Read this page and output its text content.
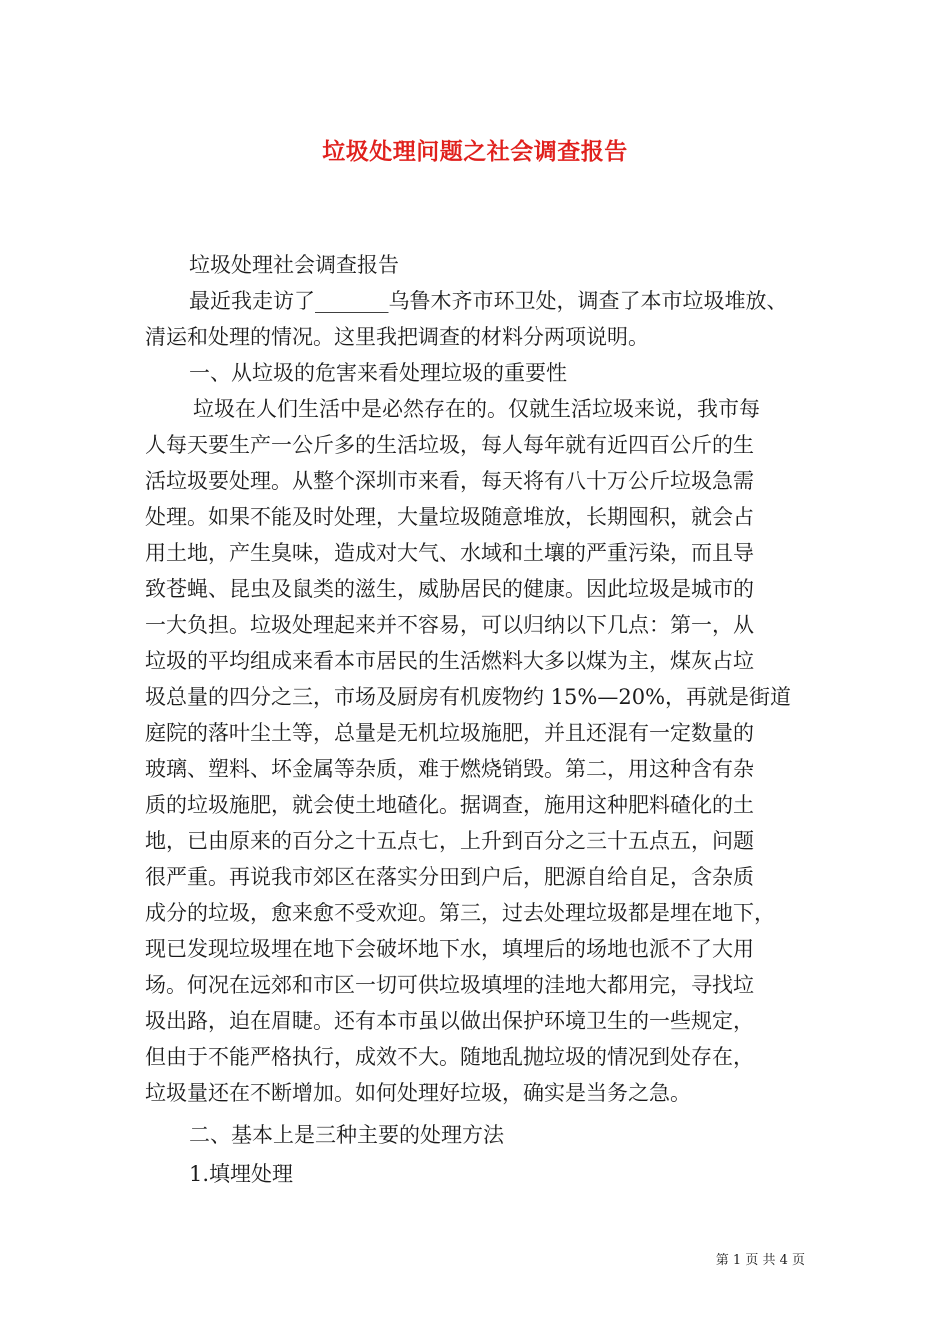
垃圾处理问题之社会调查报告
垃圾处理社会调查报告
最近我走访了_______乌鲁木齐市环卫处，调查了本市垃圾堆放、
清运和处理的情况。这里我把调查的材料分两项说明。
一、从垃圾的危害来看处理垃圾的重要性
垃圾在人们生活中是必然存在的。仅就生活垃圾来说，我市每
人每天要生产一公斤多的生活垃圾，每人每年就有近四百公斤的生
活垃圾要处理。从整个深圳市来看，每天将有八十万公斤垃圾急需
处理。如果不能及时处理，大量垃圾随意堆放，长期囤积，就会占
用土地，产生臭味，造成对大气、水域和土壤的严重污染，而且导
致苍蝇、昆虫及鼠类的滋生，威胁居民的健康。因此垃圾是城市的
一大负担。垃圾处理起来并不容易，可以归纳以下几点：第一，从
垃圾的平均组成来看本市居民的生活燃料大多以煤为主，煤灰占垃
圾总量的四分之三，市场及厨房有机废物约 15%—20%，再就是街道
庭院的落叶尘土等，总量是无机垃圾施肥，并且还混有一定数量的
玻璃、塑料、坏金属等杂质，难于燃烧销毁。第二，用这种含有杂
质的垃圾施肥，就会使土地碴化。据调查，施用这种肥料碴化的土
地，已由原来的百分之十五点七，上升到百分之三十五点五，问题
很严重。再说我市郊区在落实分田到户后，肥源自给自足，含杂质
成分的垃圾，愈来愈不受欢迎。第三，过去处理垃圾都是埋在地下，
现已发现垃圾埋在地下会破坏地下水，填埋后的场地也派不了大用
场。何况在远郊和市区一切可供垃圾填埋的洼地大都用完，寻找垃
圾出路，迫在眉睫。还有本市虽以做出保护环境卫生的一些规定，
但由于不能严格执行，成效不大。随地乱抛垃圾的情况到处存在，
垃圾量还在不断增加。如何处理好垃圾，确实是当务之急。
二、基本上是三种主要的处理方法
1.填埋处理
第 1 页 共 4 页
